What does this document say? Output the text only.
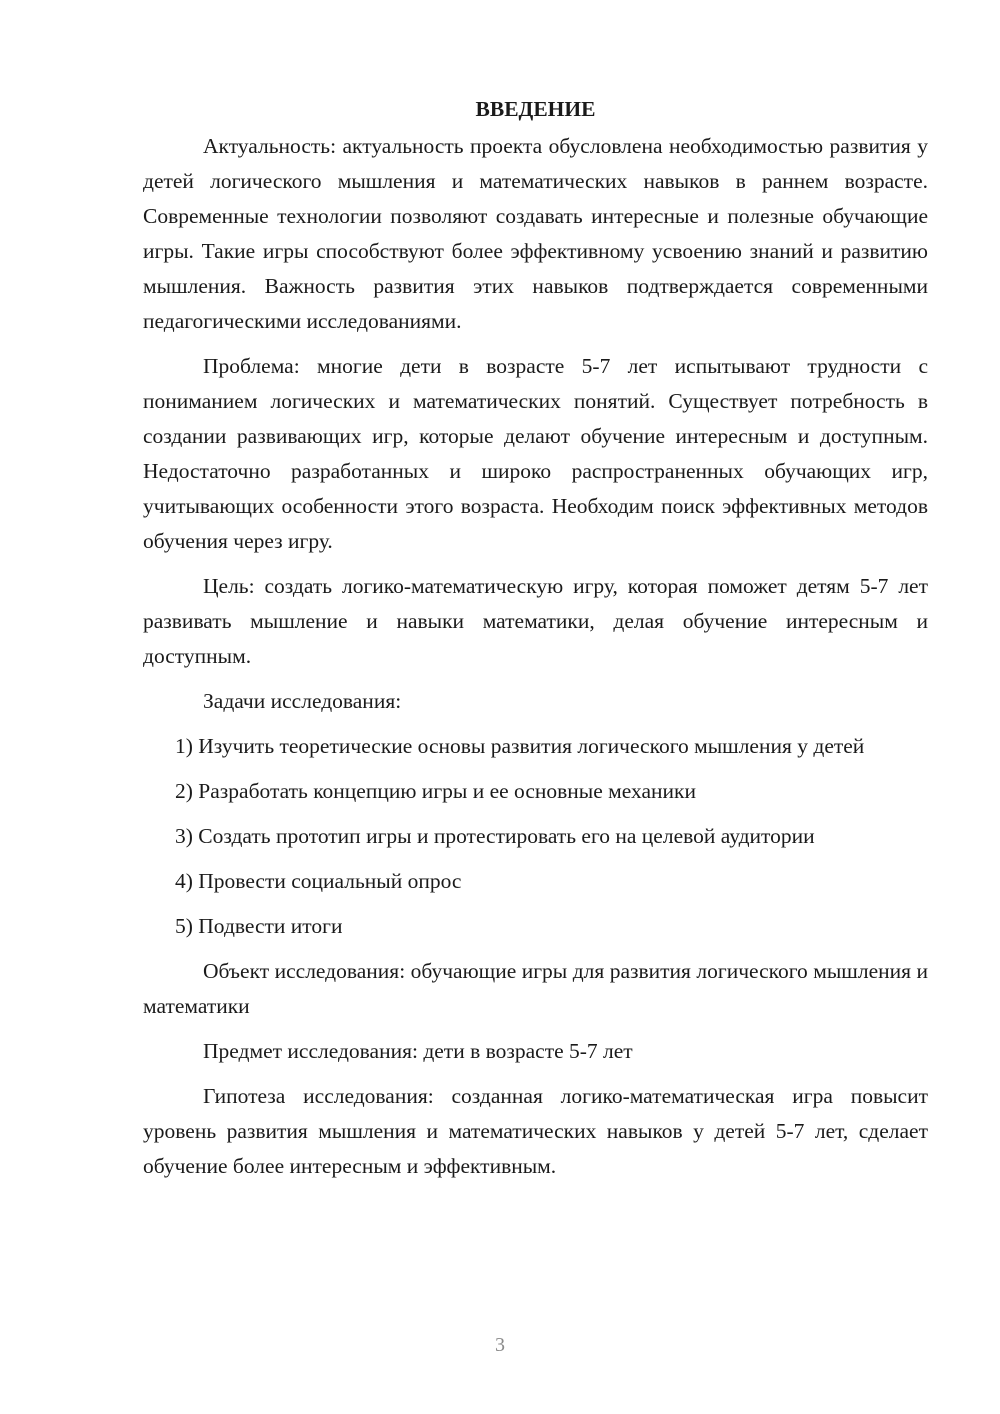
ВВЕДЕНИЕ

Актуальность: актуальность проекта обусловлена необходимостью развития у детей логического мышления и математических навыков в раннем возрасте. Современные технологии позволяют создавать интересные и полезные обучающие игры. Такие игры способствуют более эффективному усвоению знаний и развитию мышления. Важность развития этих навыков подтверждается современными педагогическими исследованиями.

Проблема: многие дети в возрасте 5-7 лет испытывают трудности с пониманием логических и математических понятий. Существует потребность в создании развивающих игр, которые делают обучение интересным и доступным. Недостаточно разработанных и широко распространенных обучающих игр, учитывающих особенности этого возраста. Необходим поиск эффективных методов обучения через игру.

Цель: создать логико-математическую игру, которая поможет детям 5-7 лет развивать мышление и навыки математики, делая обучение интересным и доступным.

Задачи исследования:

1) Изучить теоретические основы развития логического мышления у детей

2) Разработать концепцию игры и ее основные механики

3) Создать прототип игры и протестировать его на целевой аудитории

4) Провести социальный опрос

5) Подвести итоги

Объект исследования: обучающие игры для развития логического мышления и математики

Предмет исследования: дети в возрасте 5-7 лет

Гипотеза исследования: созданная логико-математическая игра повысит уровень развития мышления и математических навыков у детей 5-7 лет, сделает обучение более интересным и эффективным.

3
